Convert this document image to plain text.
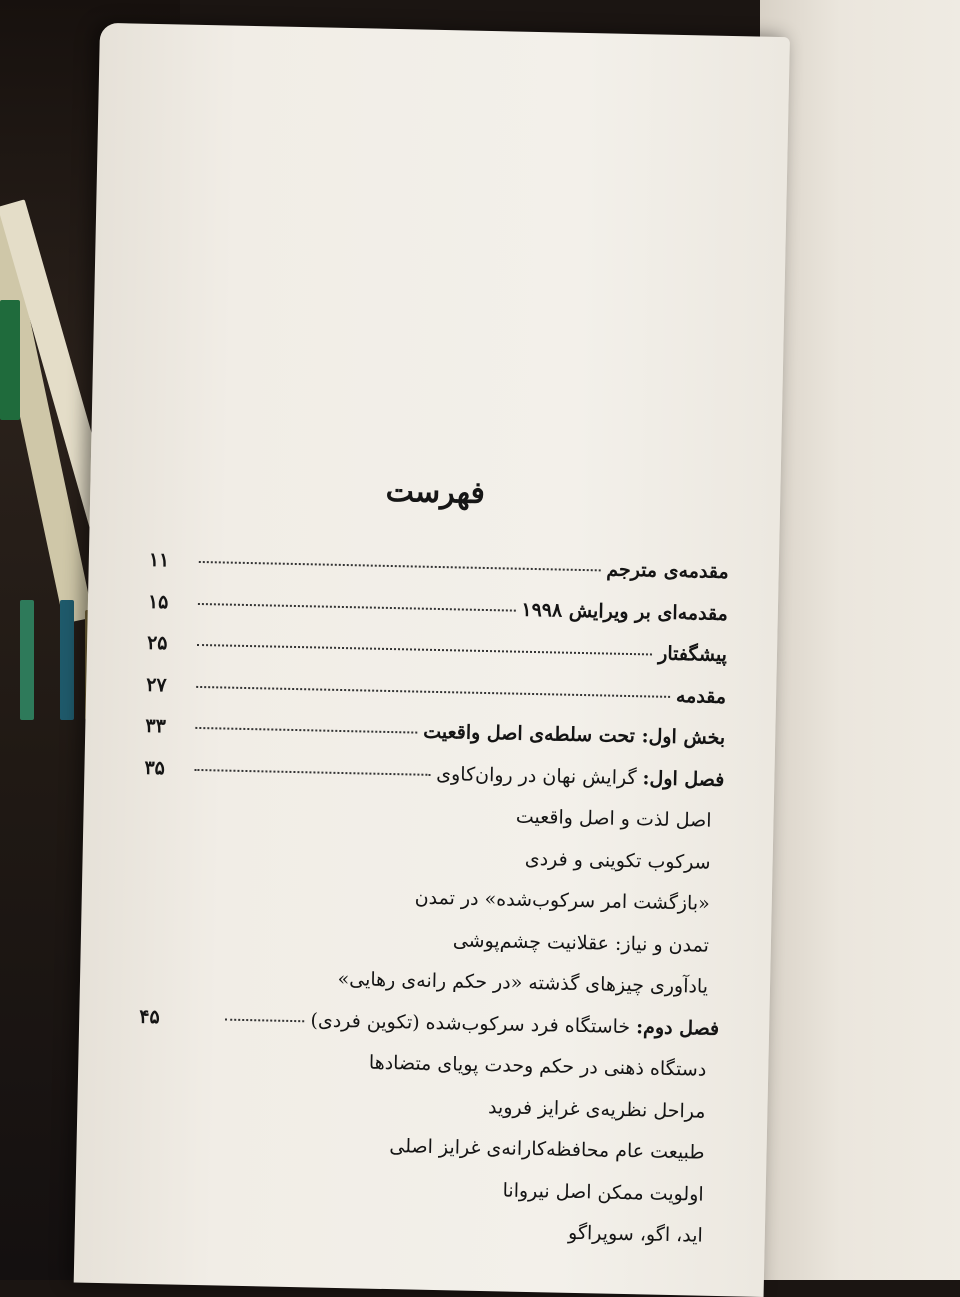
فهرست
مقدمه‌ی مترجم
۱۱
مقدمه‌ای بر ویرایش ۱۹۹۸
۱۵
پیشگفتار
۲۵
مقدمه
۲۷
بخش اول: تحت سلطه‌ی اصل واقعیت
۳۳
فصل اول:گرایش نهان در روان‌کاوی
۳۵
اصل لذت و اصل واقعیت
سرکوب تکوینی و فردی
«بازگشت امر سرکوب‌شده» در تمدن
تمدن و نیاز: عقلانیت چشم‌پوشی
یادآوری چیزهای گذشته «در حکم رانه‌ی رهایی»
فصل دوم:خاستگاه فرد سرکوب‌شده (تکوین فردی)
۴۵
دستگاه ذهنی در حکم وحدت پویای متضادها
مراحل نظریه‌ی غرایز فروید
طبیعت عام محافظه‌کارانه‌ی غرایز اصلی
اولویت ممکن اصل نیروانا
اید، اگو، سوپراگو
